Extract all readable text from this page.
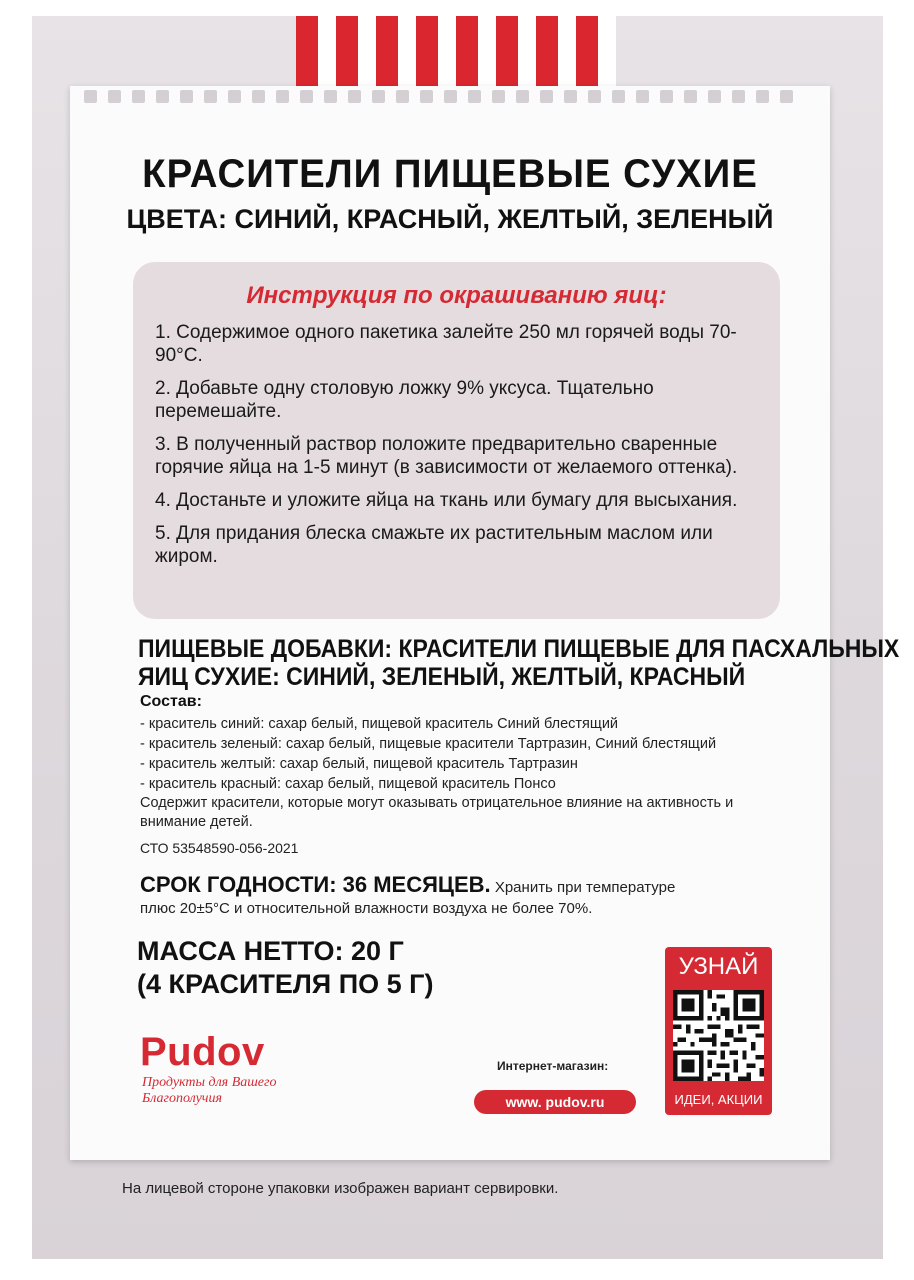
КРАСИТЕЛИ ПИЩЕВЫЕ СУХИЕ
ЦВЕТА: СИНИЙ, КРАСНЫЙ, ЖЕЛТЫЙ, ЗЕЛЕНЫЙ
Инструкция по окрашиванию яиц:
1. Содержимое одного пакетика залейте 250 мл горячей воды 70-90°С.
2. Добавьте одну столовую ложку 9% уксуса. Тщательно перемешайте.
3. В полученный раствор положите предварительно сваренные горячие яйца на 1-5 минут (в зависимости от желаемого оттенка).
4. Достаньте и уложите яйца на ткань или бумагу для высыхания.
5. Для придания блеска смажьте их растительным маслом или жиром.
ПИЩЕВЫЕ ДОБАВКИ: КРАСИТЕЛИ ПИЩЕВЫЕ ДЛЯ ПАСХАЛЬНЫХ
ЯИЦ СУХИЕ: СИНИЙ, ЗЕЛЕНЫЙ, ЖЕЛТЫЙ, КРАСНЫЙ
Состав:
- краситель синий: сахар белый, пищевой краситель Синий блестящий
- краситель зеленый: сахар белый, пищевые красители Тартразин, Синий блестящий
- краситель желтый: сахар белый, пищевой краситель Тартразин
- краситель красный: сахар белый, пищевой краситель Понсо
Содержит красители, которые могут оказывать отрицательное влияние на активность и внимание детей.
СТО 53548590-056-2021
СРОК ГОДНОСТИ: 36 МЕСЯЦЕВ. Хранить при температуре плюс 20±5°С и относительной влажности воздуха не более 70%.
МАССА НЕТТО: 20 Г
(4 КРАСИТЕЛЯ ПО 5 Г)
Pudov
Продукты для Вашего
Благополучия
Интернет-магазин:
www. pudov.ru
УЗНАЙ
ИДЕИ, АКЦИИ
На лицевой стороне упаковки изображен вариант сервировки.
